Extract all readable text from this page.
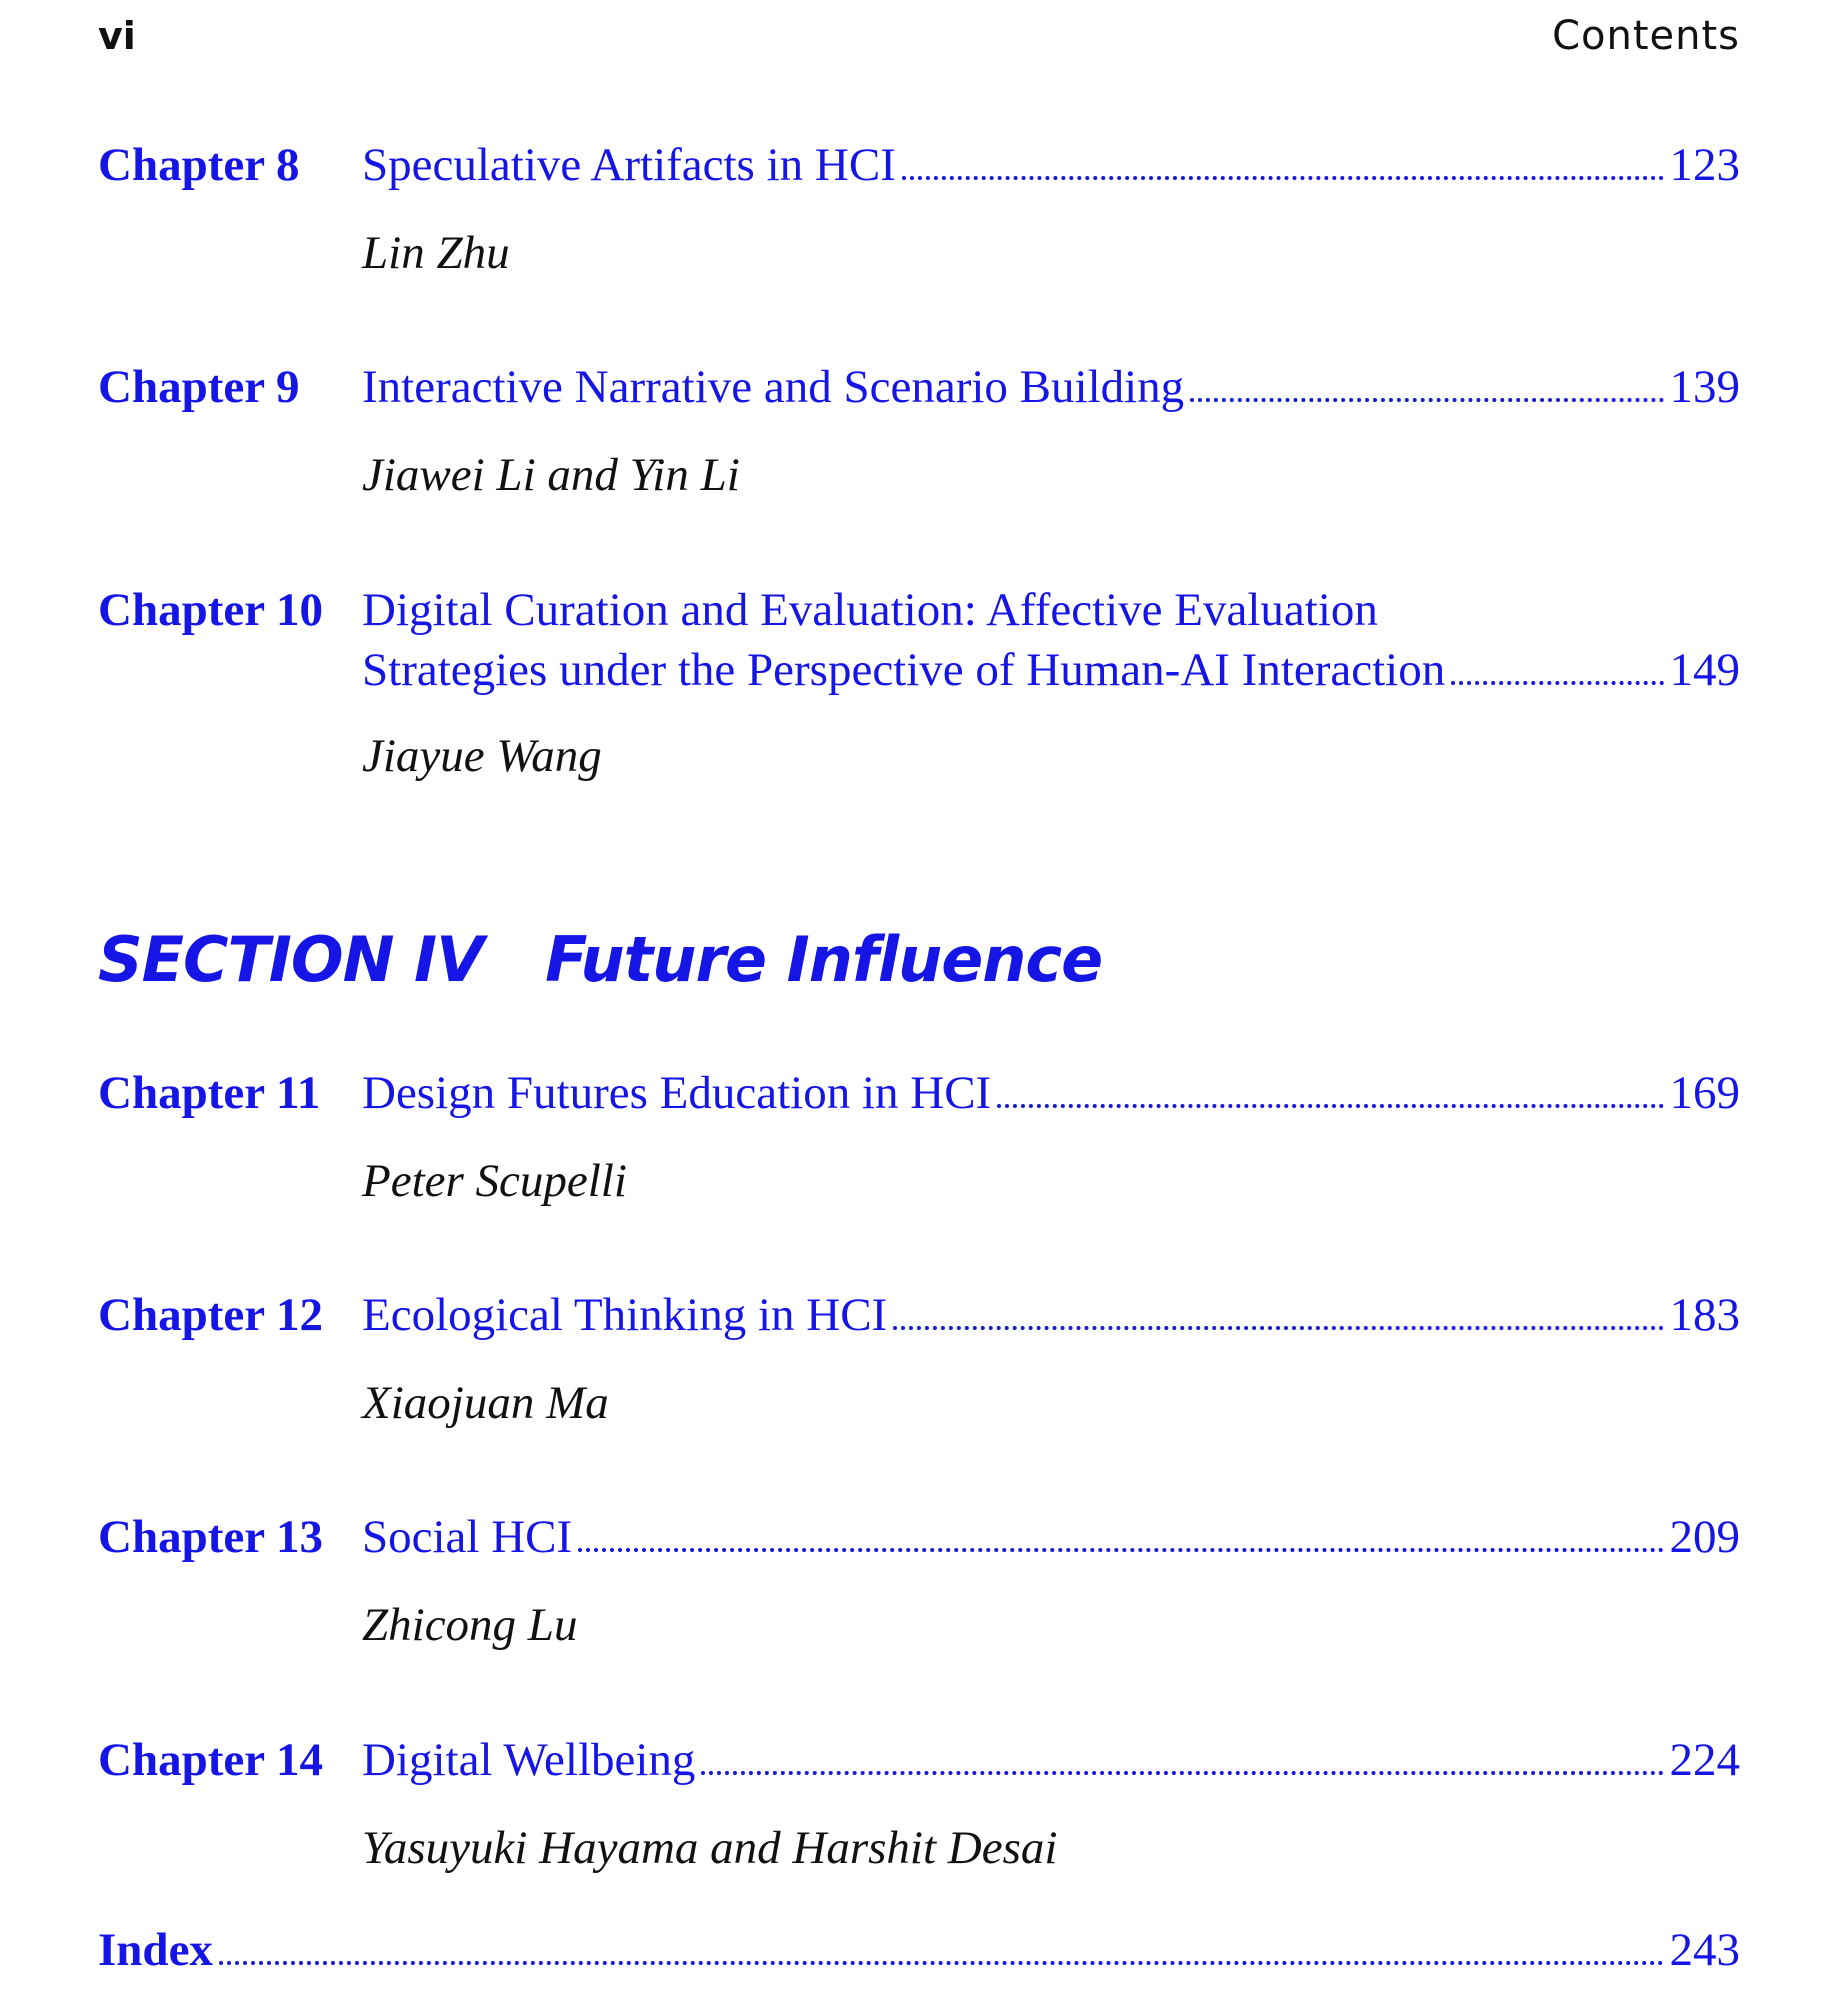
vi	Contents
Chapter 8 Speculative Artifacts in HCI	123
Lin Zhu
Chapter 9 Interactive Narrative and Scenario Building	139
Jiawei Li and Yin Li
Chapter 10 Digital Curation and Evaluation: Affective Evaluation
Strategies under the Perspective of Human-AI Interaction	149
Jiayue Wang
SECTION IV Future Influence
Chapter 11 Design Futures Education in HCI	169
Peter Scupelli
Chapter 12 Ecological Thinking in HCI	183
Xiaojuan Ma
Chapter 13 Social HCI	209
Zhicong Lu
Chapter 14 Digital Wellbeing	224
Yasuyuki Hayama and Harshit Desai
Index	243
